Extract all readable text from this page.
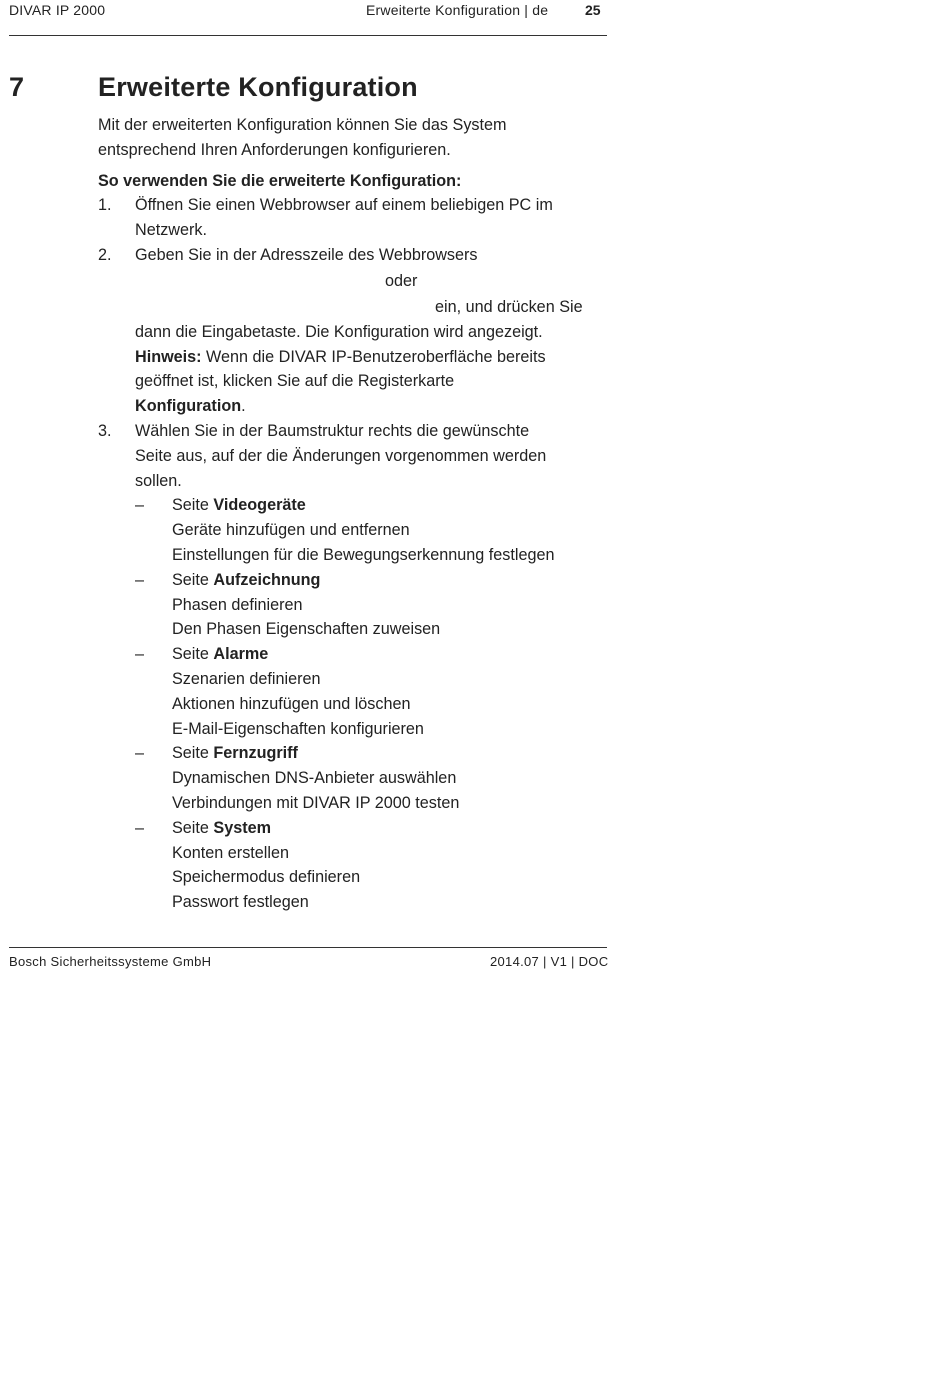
DIVAR IP 2000	Erweiterte Konfiguration | de	25
7	Erweiterte Konfiguration

Mit der erweiterten Konfiguration können Sie das System entsprechend Ihren Anforderungen konfigurieren.

So verwenden Sie die erweiterte Konfiguration:

1.	Öffnen Sie einen Webbrowser auf einem beliebigen PC im
Netzwerk.
2.	Geben Sie in der Adresszeile des Webbrowsers
oder
ein, und drücken Sie
dann die Eingabetaste. Die Konfiguration wird angezeigt.
Hinweis: Wenn die DIVAR IP-Benutzeroberfläche bereits
geöffnet ist, klicken Sie auf die Registerkarte
Konfiguration.
3.	Wählen Sie in der Baumstruktur rechts die gewünschte
Seite aus, auf der die Änderungen vorgenommen werden
sollen.
– Seite Videogeräte
Geräte hinzufügen und entfernen
Einstellungen für die Bewegungserkennung festlegen
– Seite Aufzeichnung
Phasen definieren
Den Phasen Eigenschaften zuweisen
– Seite Alarme
Szenarien definieren
Aktionen hinzufügen und löschen
E-Mail-Eigenschaften konfigurieren
– Seite Fernzugriff
Dynamischen DNS-Anbieter auswählen
Verbindungen mit DIVAR IP 2000 testen
– Seite System
Konten erstellen
Speichermodus definieren
Passwort festlegen
Bosch Sicherheitssysteme GmbH	2014.07 | V1 | DOC
